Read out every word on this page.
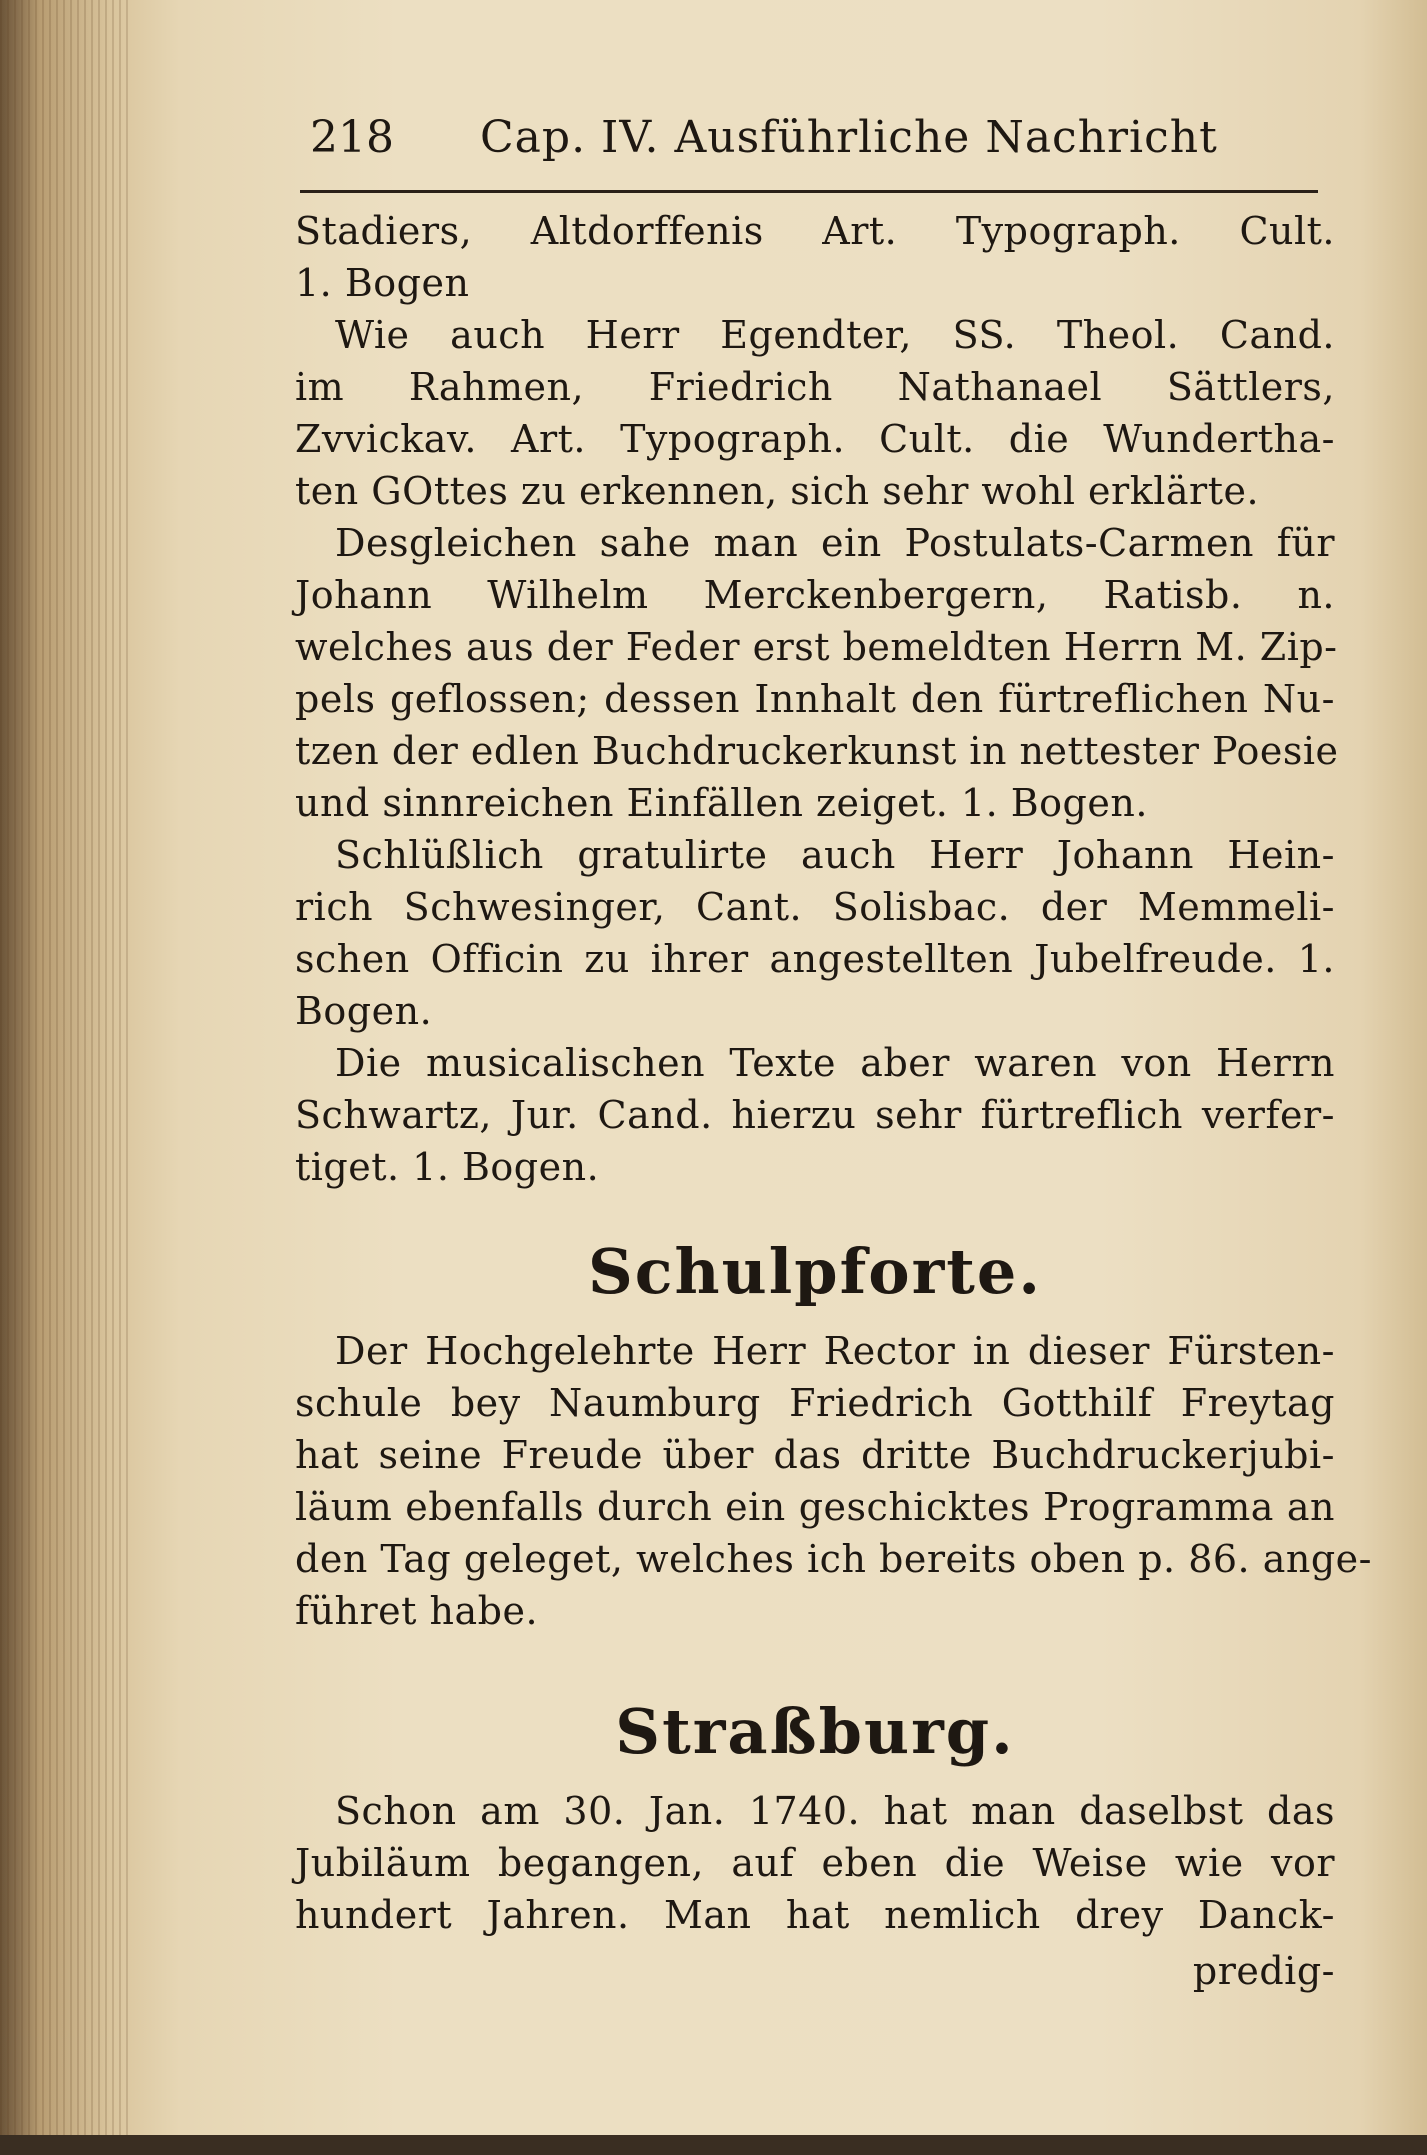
218 Cap. IV. Ausführliche Nachricht
Stadiers, Altdorffenis Art. Typograph. Cult.
1. Bogen
Wie auch Herr Egendter, SS. Theol. Cand.
im Rahmen, Friedrich Nathanael Sättlers,
Zvvickav. Art. Typograph. Cult. die Wundertha-
ten GOttes zu erkennen, sich sehr wohl erklärte.
Desgleichen sahe man ein Postulats-Carmen für
Johann Wilhelm Merckenbergern, Ratisb. n.
welches aus der Feder erst bemeldten Herrn M. Zip-
pels geflossen; dessen Innhalt den fürtreflichen Nu-
tzen der edlen Buchdruckerkunst in nettester Poesie
und sinnreichen Einfällen zeiget. 1. Bogen.
Schlüßlich gratulirte auch Herr Johann Hein-
rich Schwesinger, Cant. Solisbac. der Memmeli-
schen Officin zu ihrer angestellten Jubelfreude. 1.
Bogen.
Die musicalischen Texte aber waren von Herrn
Schwartz, Jur. Cand. hierzu sehr fürtreflich verfer-
tiget. 1. Bogen.
Schulpforte.
Der Hochgelehrte Herr Rector in dieser Fürsten-
schule bey Naumburg Friedrich Gotthilf Freytag
hat seine Freude über das dritte Buchdruckerjubi-
läum ebenfalls durch ein geschicktes Programma an
den Tag geleget, welches ich bereits oben p. 86. ange-
führet habe.
Straßburg.
Schon am 30. Jan. 1740. hat man daselbst das
Jubiläum begangen, auf eben die Weise wie vor
hundert Jahren. Man hat nemlich drey Danck-
predig-
